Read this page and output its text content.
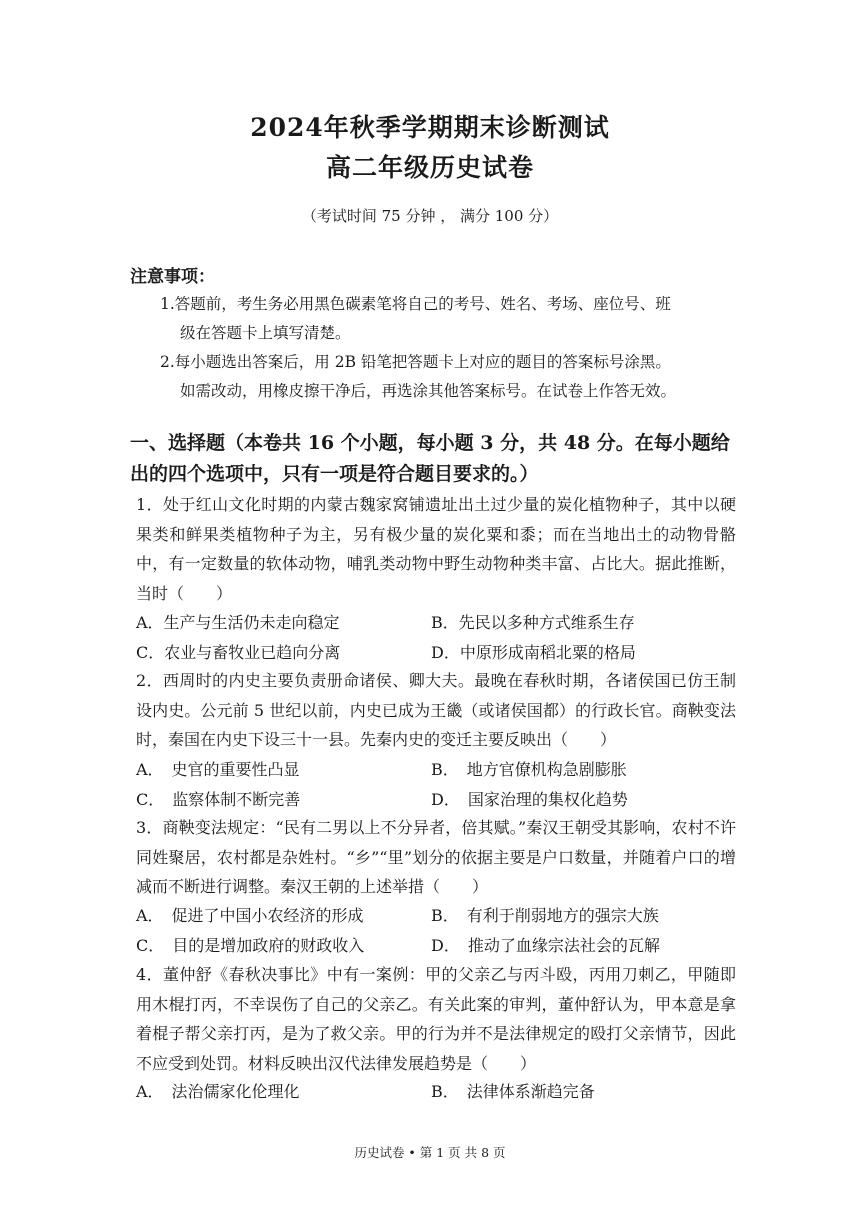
2024年秋季学期期末诊断测试
高二年级历史试卷
（考试时间 75 分钟 ， 满分 100 分）
注意事项：
1.答题前，考生务必用黑色碳素笔将自己的考号、姓名、考场、座位号、班
级在答题卡上填写清楚。
2.每小题选出答案后，用 2B 铅笔把答题卡上对应的题目的答案标号涂黑。
如需改动，用橡皮擦干净后，再选涂其他答案标号。在试卷上作答无效。
一、选择题（本卷共 16 个小题，每小题 3 分，共 48 分。在每小题给出的四个选项中，只有一项是符合题目要求的。）
1．处于红山文化时期的内蒙古魏家窝铺遗址出土过少量的炭化植物种子，其中以硬果类和鲜果类植物种子为主，另有极少量的炭化粟和黍；而在当地出土的动物骨骼中，有一定数量的软体动物，哺乳类动物中野生动物种类丰富、占比大。据此推断，当时（　　）
A．生产与生活仍未走向稳定	B．先民以多种方式维系生存
C．农业与畜牧业已趋向分离	D．中原形成南稻北粟的格局
2．西周时的内史主要负责册命诸侯、卿大夫。最晚在春秋时期，各诸侯国已仿王制设内史。公元前 5 世纪以前，内史已成为王畿（或诸侯国都）的行政长官。商鞅变法时，秦国在内史下设三十一县。先秦内史的变迁主要反映出（　　）
A．　史官的重要性凸显	B．　地方官僚机构急剧膨胀
C．　监察体制不断完善	D．　国家治理的集权化趋势
3．商鞅变法规定：“民有二男以上不分异者，倍其赋。”秦汉王朝受其影响，农村不许同姓聚居，农村都是杂姓村。“乡”“里”划分的依据主要是户口数量，并随着户口的增减而不断进行调整。秦汉王朝的上述举措（　　）
A．　促进了中国小农经济的形成	B．　有利于削弱地方的强宗大族
C．　目的是增加政府的财政收入	D．　推动了血缘宗法社会的瓦解
4．董仲舒《春秋决事比》中有一案例：甲的父亲乙与丙斗殴，丙用刀刺乙，甲随即用木棍打丙，不幸误伤了自己的父亲乙。有关此案的审判，董仲舒认为，甲本意是拿着棍子帮父亲打丙，是为了救父亲。甲的行为并不是法律规定的殴打父亲情节，因此不应受到处罚。材料反映出汉代法律发展趋势是（　　）
A．　法治儒家化伦理化	B．　法律体系渐趋完备
历史试卷 • 第 1 页 共 8 页
